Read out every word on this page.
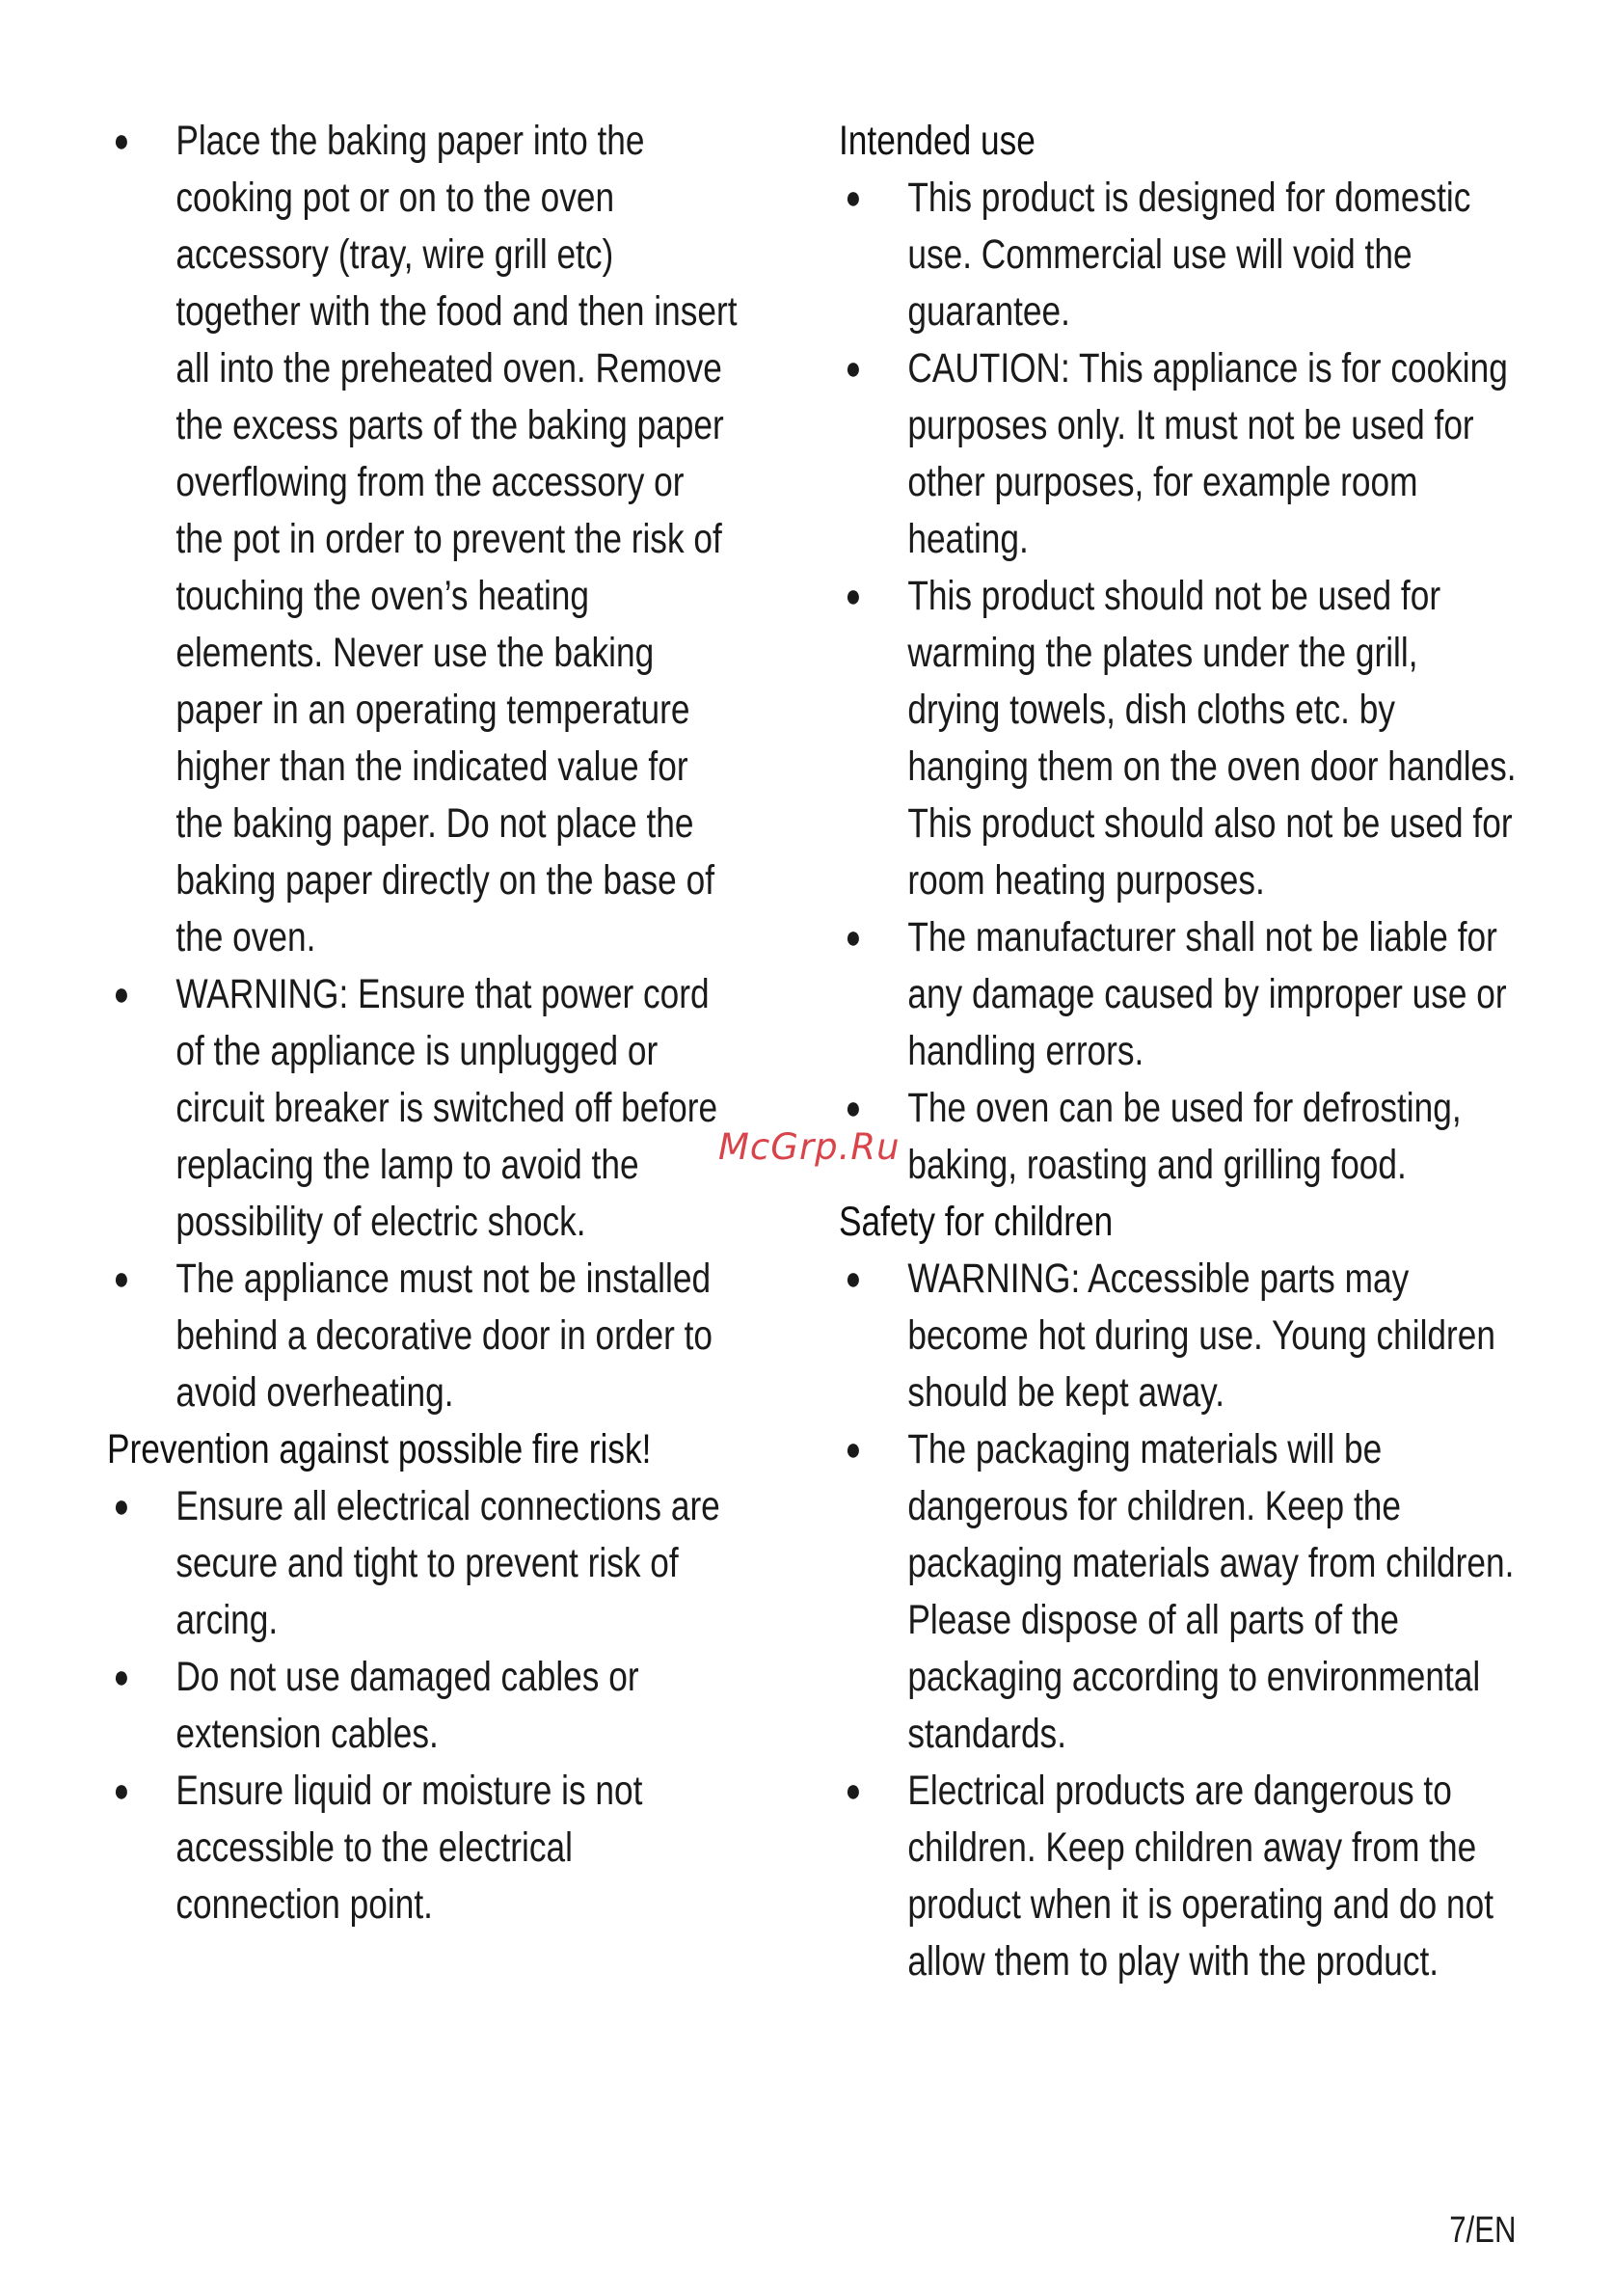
● Place the baking paper into the cooking pot or on to the oven accessory (tray, wire grill etc) together with the food and then insert all into the preheated oven. Remove the excess parts of the baking paper overflowing from the accessory or the pot in order to prevent the risk of touching the oven’s heating elements. Never use the baking paper in an operating temperature higher than the indicated value for the baking paper. Do not place the baking paper directly on the base of the oven.
● WARNING: Ensure that power cord of the appliance is unplugged or circuit breaker is switched off before replacing the lamp to avoid the possibility of electric shock.
● The appliance must not be installed behind a decorative door in order to avoid overheating.
Prevention against possible fire risk!
● Ensure all electrical connections are secure and tight to prevent risk of arcing.
● Do not use damaged cables or extension cables.
● Ensure liquid or moisture is not accessible to the electrical connection point.
Intended use
● This product is designed for domestic use. Commercial use will void the guarantee.
● CAUTION: This appliance is for cooking purposes only. It must not be used for other purposes, for example room heating.
● This product should not be used for warming the plates under the grill, drying towels, dish cloths etc. by hanging them on the oven door handles. This product should also not be used for room heating purposes.
● The manufacturer shall not be liable for any damage caused by improper use or handling errors.
● The oven can be used for defrosting, baking, roasting and grilling food.
Safety for children
● WARNING: Accessible parts may become hot during use. Young children should be kept away.
● The packaging materials will be dangerous for children. Keep the packaging materials away from children. Please dispose of all parts of the packaging according to environmental standards.
● Electrical products are dangerous to children. Keep children away from the product when it is operating and do not allow them to play with the product.
McGrp.Ru
7/EN
